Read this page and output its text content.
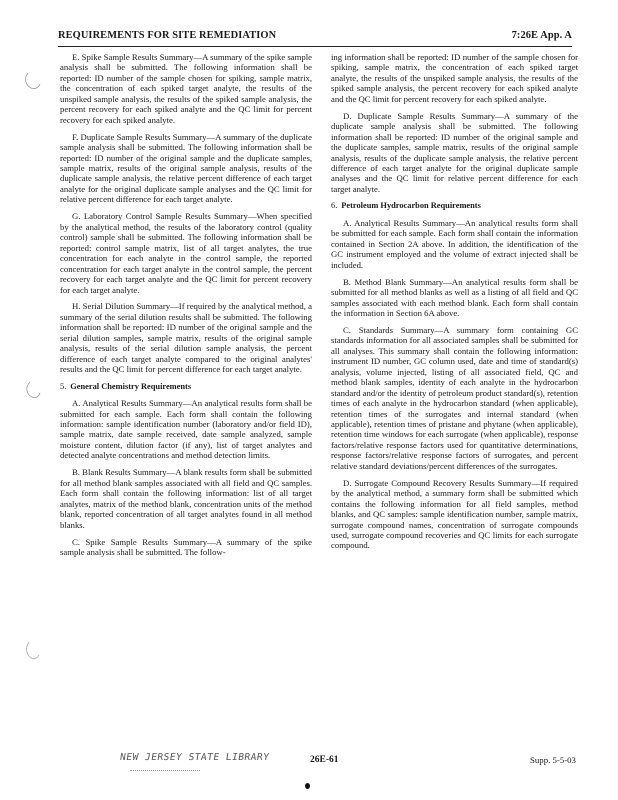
REQUIREMENTS FOR SITE REMEDIATION	7:26E App. A

E. Spike Sample Results Summary—A summary of the spike sample analysis shall be submitted. The following information shall be reported: ID number of the sample chosen for spiking, sample matrix, the concentration of each spiked target analyte, the results of the unspiked sample analysis, the results of the spiked sample analysis, the percent recovery for each spiked analyte and the QC limit for percent recovery for each spiked analyte.

F. Duplicate Sample Results Summary—A summary of the duplicate sample analysis shall be submitted. The following information shall be reported: ID number of the original sample and the duplicate samples, sample matrix, results of the original sample analysis, results of the duplicate sample analysis, the relative percent difference of each target analyte for the original duplicate sample analyses and the QC limit for relative percent difference for each target analyte.

G. Laboratory Control Sample Results Summary—When specified by the analytical method, the results of the laboratory control (quality control) sample shall be submitted. The following information shall be reported: control sample matrix, list of all target analytes, the true concentration for each analyte in the control sample, the reported concentration for each target analyte in the control sample, the percent recovery for each target analyte and the QC limit for percent recovery for each target analyte.

H. Serial Dilution Summary—If required by the analytical method, a summary of the serial dilution results shall be submitted. The following information shall be reported: ID number of the original sample and the serial dilution samples, sample matrix, results of the original sample analysis, results of the serial dilution sample analysis, the percent difference of each target analyte compared to the original analytes' results and the QC limit for percent difference for each target analyte.

5. General Chemistry Requirements

A. Analytical Results Summary—An analytical results form shall be submitted for each sample. Each form shall contain the following information: sample identification number (laboratory and/or field ID), sample matrix, date sample received, date sample analyzed, sample moisture content, dilution factor (if any), list of target analytes and detected analyte concentrations and method detection limits.

B. Blank Results Summary—A blank results form shall be submitted for all method blank samples associated with all field and QC samples. Each form shall contain the following information: list of all target analytes, matrix of the method blank, concentration units of the method blank, reported concentration of all target analytes found in all method blanks.

C. Spike Sample Results Summary—A summary of the spike sample analysis shall be submitted. The follow-

ing information shall be reported: ID number of the sample chosen for spiking, sample matrix, the concentration of each spiked target analyte, the results of the unspiked sample analysis, the results of the spiked sample analysis, the percent recovery for each spiked analyte and the QC limit for percent recovery for each spiked analyte.

D. Duplicate Sample Results Summary—A summary of the duplicate sample analysis shall be submitted. The following information shall be reported: ID number of the original sample and the duplicate samples, sample matrix, results of the original sample analysis, results of the duplicate sample analysis, the relative percent difference of each target analyte for the original duplicate sample analyses and the QC limit for relative percent difference for each target analyte.

6. Petroleum Hydrocarbon Requirements

A. Analytical Results Summary—An analytical results form shall be submitted for each sample. Each form shall contain the information contained in Section 2A above. In addition, the identification of the GC instrument employed and the volume of extract injected shall be included.

B. Method Blank Summary—An analytical results form shall be submitted for all method blanks as well as a listing of all field and QC samples associated with each method blank. Each form shall contain the information in Section 6A above.

C. Standards Summary—A summary form containing GC standards information for all associated samples shall be submitted for all analyses. This summary shall contain the following information: instrument ID number, GC column used, date and time of standard(s) analysis, volume injected, listing of all associated field, QC and method blank samples, identity of each analyte in the hydrocarbon standard and/or the identity of petroleum product standard(s), retention times of each analyte in the hydrocarbon standard (when applicable), retention times of the surrogates and internal standard (when applicable), retention times of pristane and phytane (when applicable), retention time windows for each surrogate (when applicable), response factors/relative response factors used for quantitative determinations, response factors/relative response factors of surrogates, and percent relative standard deviations/percent differences of the surrogates.

D. Surrogate Compound Recovery Results Summary—If required by the analytical method, a summary form shall be submitted which contains the following information for all field samples, method blanks, and QC samples: sample identification number, sample matrix, surrogate compound names, concentration of surrogate compounds used, surrogate compound recoveries and QC limits for each surrogate compound.

NEW JERSEY STATE LIBRARY	26E-61	Supp. 5-5-03
